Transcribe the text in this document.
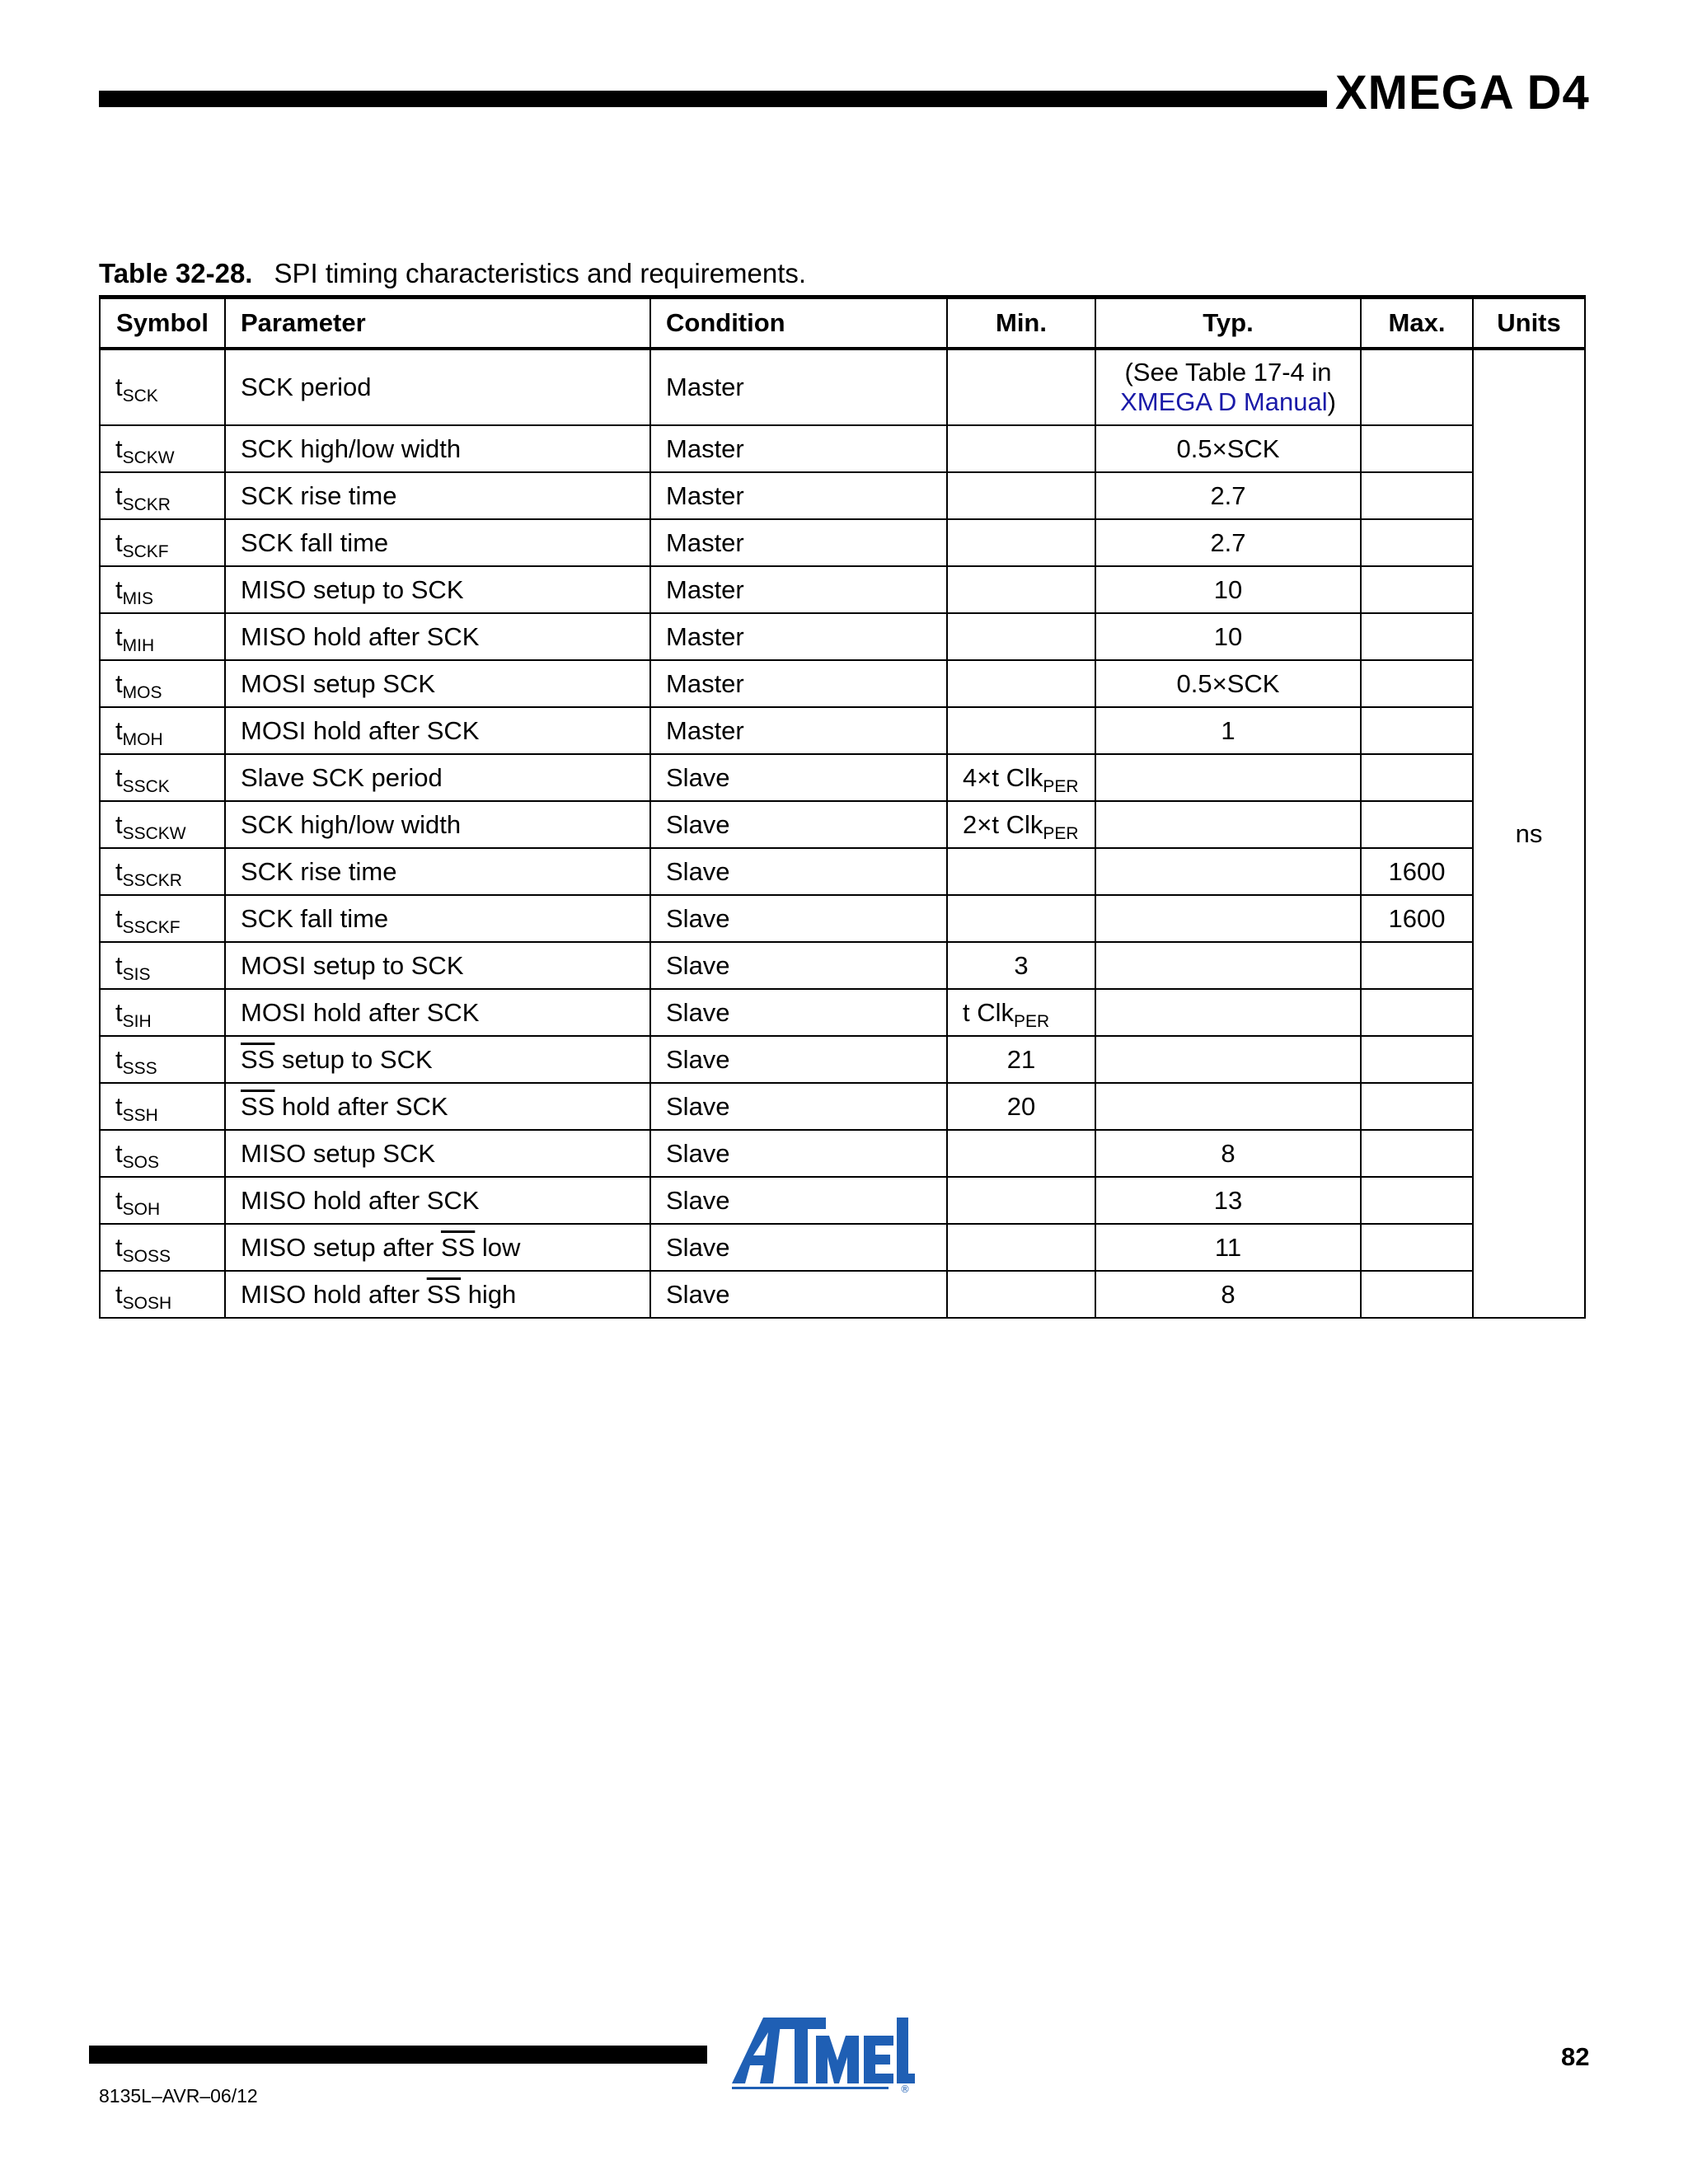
XMEGA D4
Table 32-28. SPI timing characteristics and requirements.
Symbol	Parameter	Condition	Min.	Typ.	Max.	Units
$t_{SCK}$	SCK period	Master		(See Table 17-4 in
XMEGA D Manual)		ns
$t_{SCKW}$	SCK high/low width	Master		0.5×SCK		
$t_{SCKR}$	SCK rise time	Master		2.7		
$t_{SCKF}$	SCK fall time	Master		2.7		
$t_{MIS}$	MISO setup to SCK	Master		10		
$t_{MIH}$	MISO hold after SCK	Master		10		
$t_{MOS}$	MOSI setup SCK	Master		0.5×SCK		
$t_{MOH}$	MOSI hold after SCK	Master		1		
$t_{SSCK}$	Slave SCK period	Slave	4×t Clk$_{PER}$		
$t_{SSCKW}$	SCK high/low width	Slave	2×t Clk$_{PER}$		
$t_{SSCKR}$	SCK rise time	Slave			1600	
$t_{SSCKF}$	SCK fall time	Slave			1600	
$t_{SIS}$	MOSI setup to SCK	Slave	3			
$t_{SIH}$	MOSI hold after SCK	Slave	t Clk$_{PER}$		
$t_{SSS}$	$\overline{SS}$ setup to SCK	Slave	21			
$t_{SSH}$	$\overline{SS}$ hold after SCK	Slave	20			
$t_{SOS}$	MISO setup SCK	Slave		8		
$t_{SOH}$	MISO hold after SCK	Slave		13		
$t_{SOSS}$	MISO setup after $\overline{SS}$ low	Slave		11		
$t_{SOSH}$	MISO hold after $\overline{SS}$ high	Slave		8		
®
8135L–AVR–06/12
82
